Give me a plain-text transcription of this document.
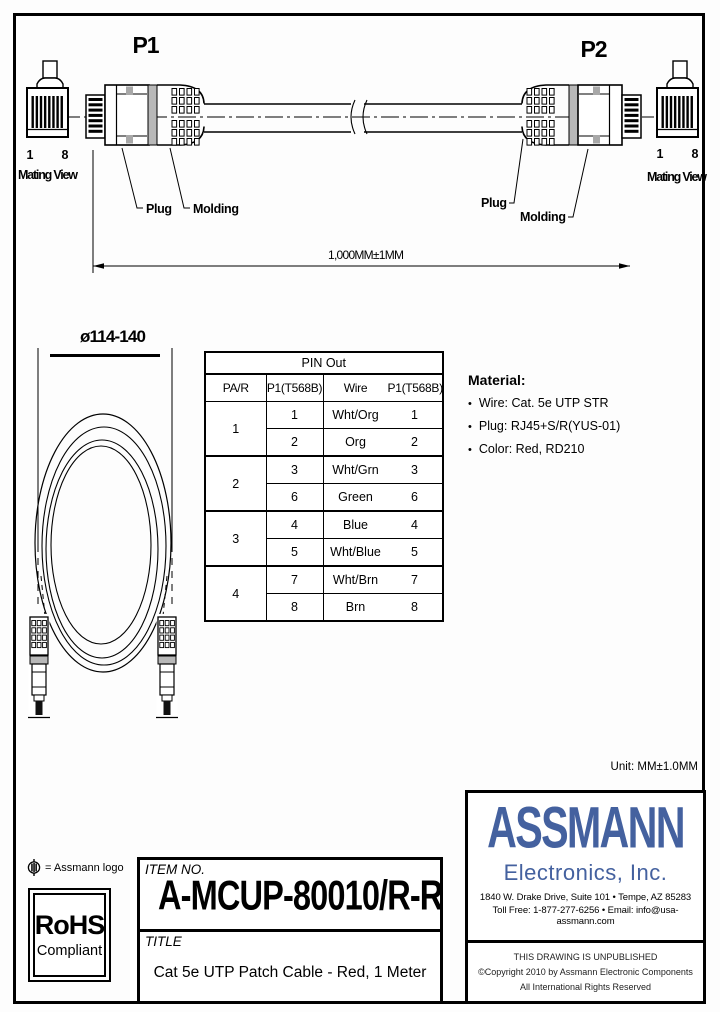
P1	P2
1 8
Mating View
1 8
Mating View
Plug Molding	Plug
Molding
1,000MM±1MM
ø114-140
PIN Out		
PA/R	P1(T568B)	Wire P1(T568B)

1	1	Wht/Org 1

	2	Org 2

2	3	Wht/Grn 3

	6	Green 6

3	4	Blue 4

	5	Wht/Blue 5

4	7	Wht/Brn 7

	8	Brn 8
Material:
• Wire: Cat. 5e UTP STR
• Plug: RJ45+S/R(YUS-01)
• Color: Red, RD210
Unit: MM±1.0MM
= Assmann logo
RoHS
Compliant
ITEM NO.
A-MCUP-80010/R-R
TITLE
Cat 5e UTP Patch Cable - Red, 1 Meter
ASSMANN
Electronics, Inc.
1840 W. Drake Drive, Suite 101 • Tempe, AZ 85283
Toll Free: 1-877-277-6256 • Email: info@usa-assmann.com
THIS DRAWING IS UNPUBLISHED
©Copyright 2010 by Assmann Electronic Components
All International Rights Reserved
